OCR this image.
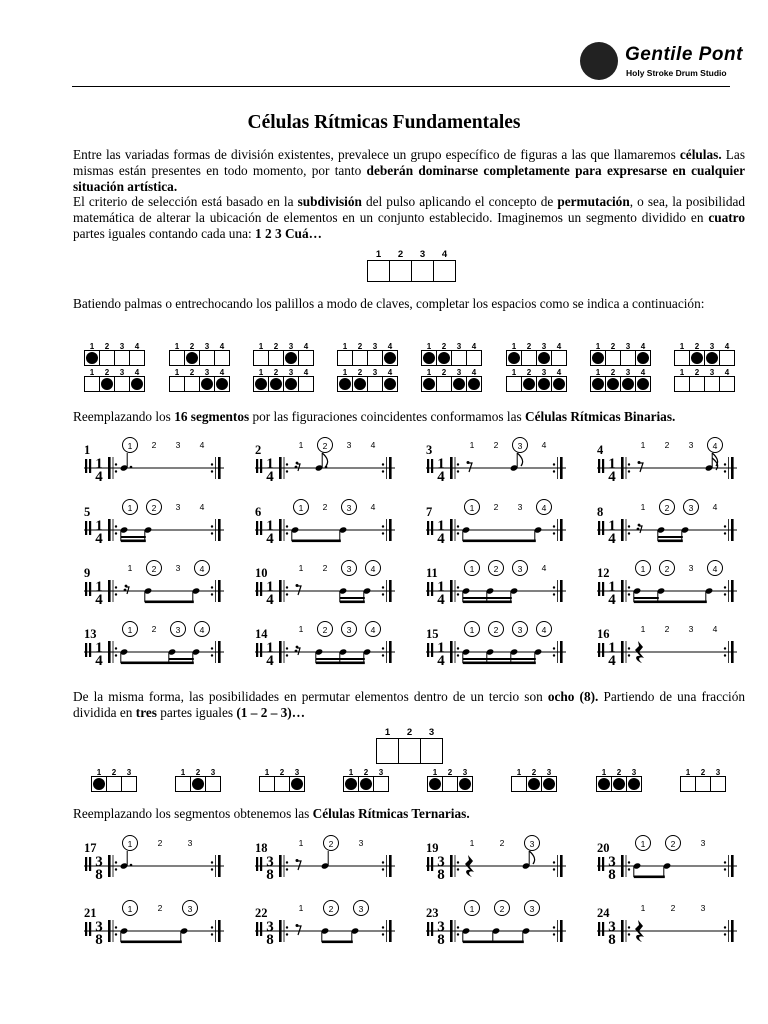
Gentile Pont
Holy Stroke Drum Studio
Células Rítmicas Fundamentales

Entre las variadas formas de división existentes, prevalece un grupo específico de figuras a las que llamaremos células. Las mismas están presentes en todo momento, por tanto deberán dominarse completamente para expresarse en cualquier situación artística.

El criterio de selección está basado en la subdivisión del pulso aplicando el concepto de permutación, o sea, la posibilidad matemática de alterar la ubicación de elementos en un conjunto establecido. Imaginemos un segmento dividido en cuatro partes iguales contando cada una: 1 2 3 Cuá…

1	2	3	4

Batiendo palmas o entrechocando los palillos a modo de claves, completar los espacios como se indica a continuación:

1	2	3	4	1	2	3	4	1	2	3	4	1	2	3	4	1	2	3	4	1	2	3	4	1	2	3	4	1	2	3	4
1	2	3	4	1	2	3	4	1	2	3	4	1	2	3	4	1	2	3	4	1	2	3	4	1	2	3	4	1	2	3	4

Reemplazando los 16 segmentos por las figuraciones coincidentes conformamos las Células Rítmicas Binarias.

1	1	2	3	4
1
4
2	1	2	3	4
1
4
3	1	2	3	4
1
4
4	1	2	3	4
1
4
5	1	2	3	4
1
4
6	1	2	3	4
1
4
7	1	2	3	4
1
4
8	1	2	3	4
1
4
9	1	2	3	4
1
4
10	1	2	3	4
1
4
11	1	2	3	4
1
4
12	1	2	3	4
1
4
13	1	2	3	4
1
4
14	1	2	3	4
1
4
15	1	2	3	4
1
4
16	1	2	3	4
1
4

De la misma forma, las posibilidades en permutar elementos dentro de un tercio son ocho (8). Partiendo de una fracción dividida en tres partes iguales (1 – 2 – 3)…

1	2	3
1	2	3	1	2	3	1	2	3	1	2	3	1	2	3	1	2	3	1	2	3	1	2	3

Reemplazando los segmentos obtenemos las Células Rítmicas Ternarias.

17	1	2	3
3
8
18	1	2	3
3
8
19	1	2	3
3
8
20	1	2	3
3
8
21	1	2	3
3
8
22	1	2	3
3
8
23	1	2	3
3
8
24	1	2	3
3
8
